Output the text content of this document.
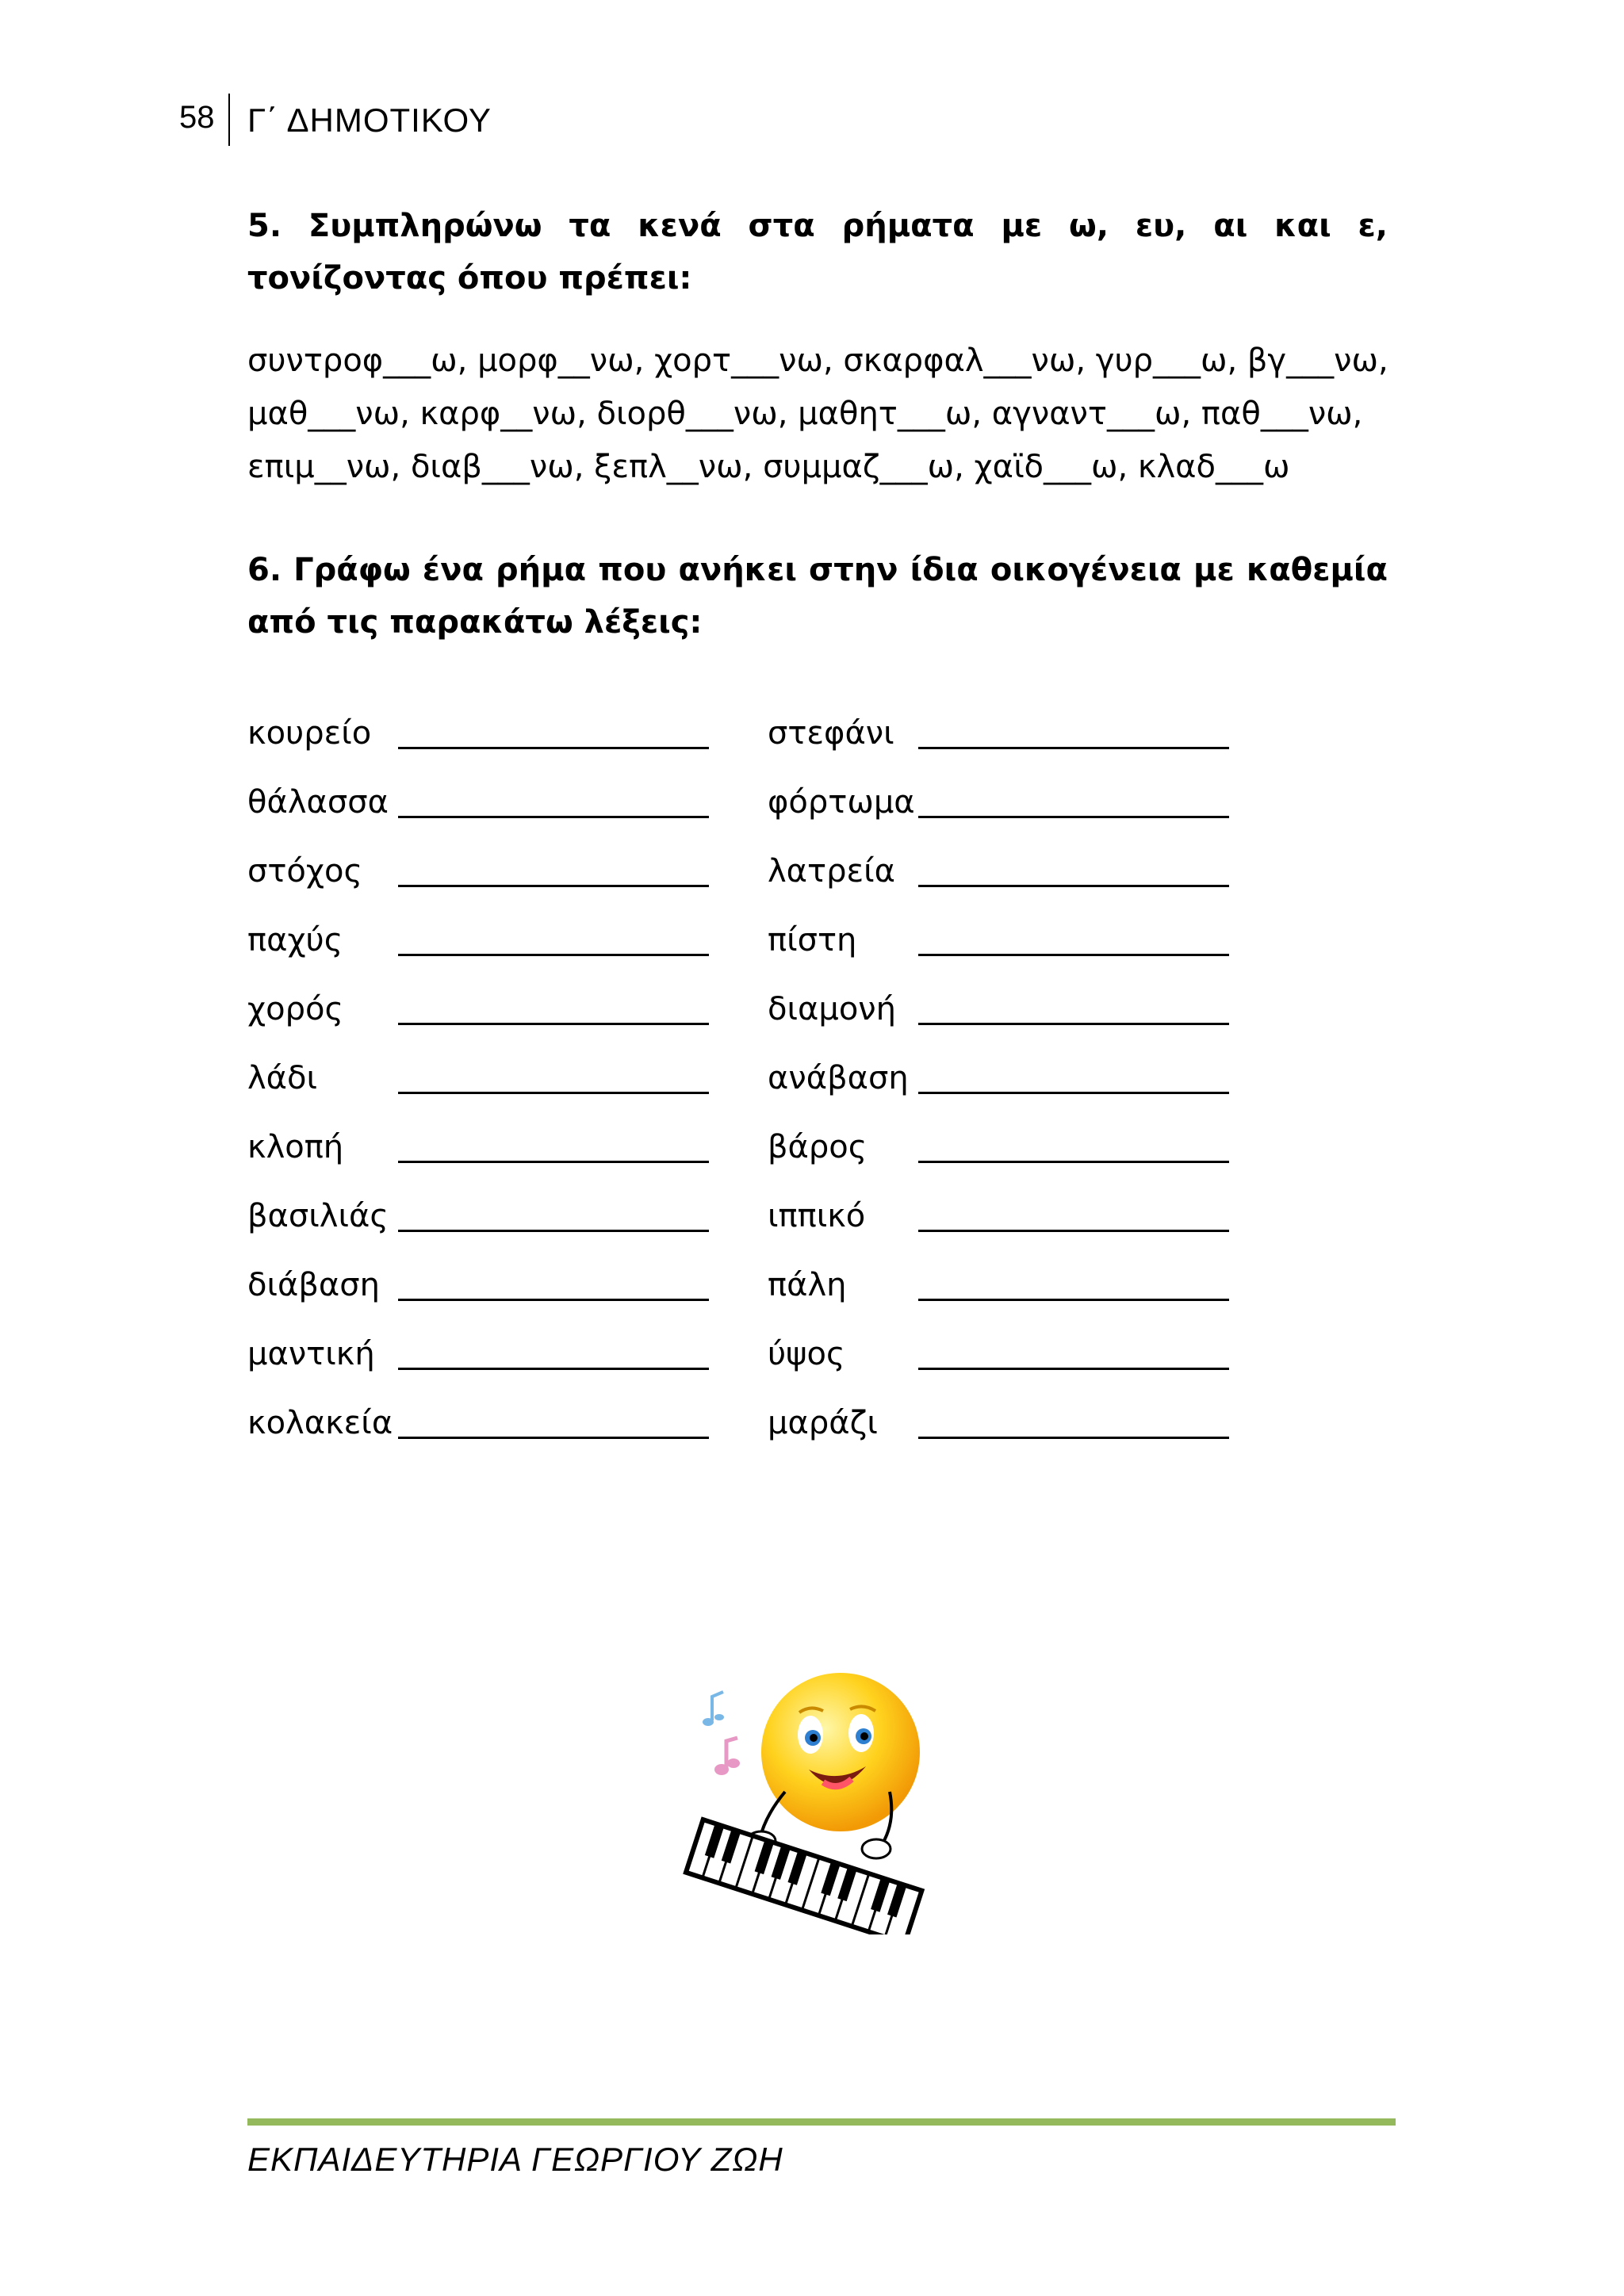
58 Γ΄ ΔΗΜΟΤΙΚΟΥ

5. Συμπληρώνω τα κενά στα ρήματα με ω, ευ, αι και ε, τονίζοντας όπου πρέπει:

συντροφ___ω, μορφ__νω, χορτ___νω, σκαρφαλ___νω, γυρ___ω, βγ___νω,

μαθ___νω, καρφ__νω, διορθ___νω, μαθητ___ω, αγναντ___ω, παθ___νω,

επιμ__νω, διαβ___νω, ξεπλ__νω, συμμαζ___ω, χαϊδ___ω, κλαδ___ω

6. Γράφω ένα ρήμα που ανήκει στην ίδια οικογένεια με καθεμία από τις παρακάτω λέξεις:

κουρείο	στεφάνι
θάλασσα	φόρτωμα
στόχος	λατρεία
παχύς	πίστη
χορός	διαμονή
λάδι	ανάβαση
κλοπή	βάρος
βασιλιάς	ιππικό
διάβαση	πάλη
μαντική	ύψος
κολακεία	μαράζι
ΕΚΠΑΙΔΕΥΤΗΡΙΑ ΓΕΩΡΓΙΟΥ ΖΩΗ
